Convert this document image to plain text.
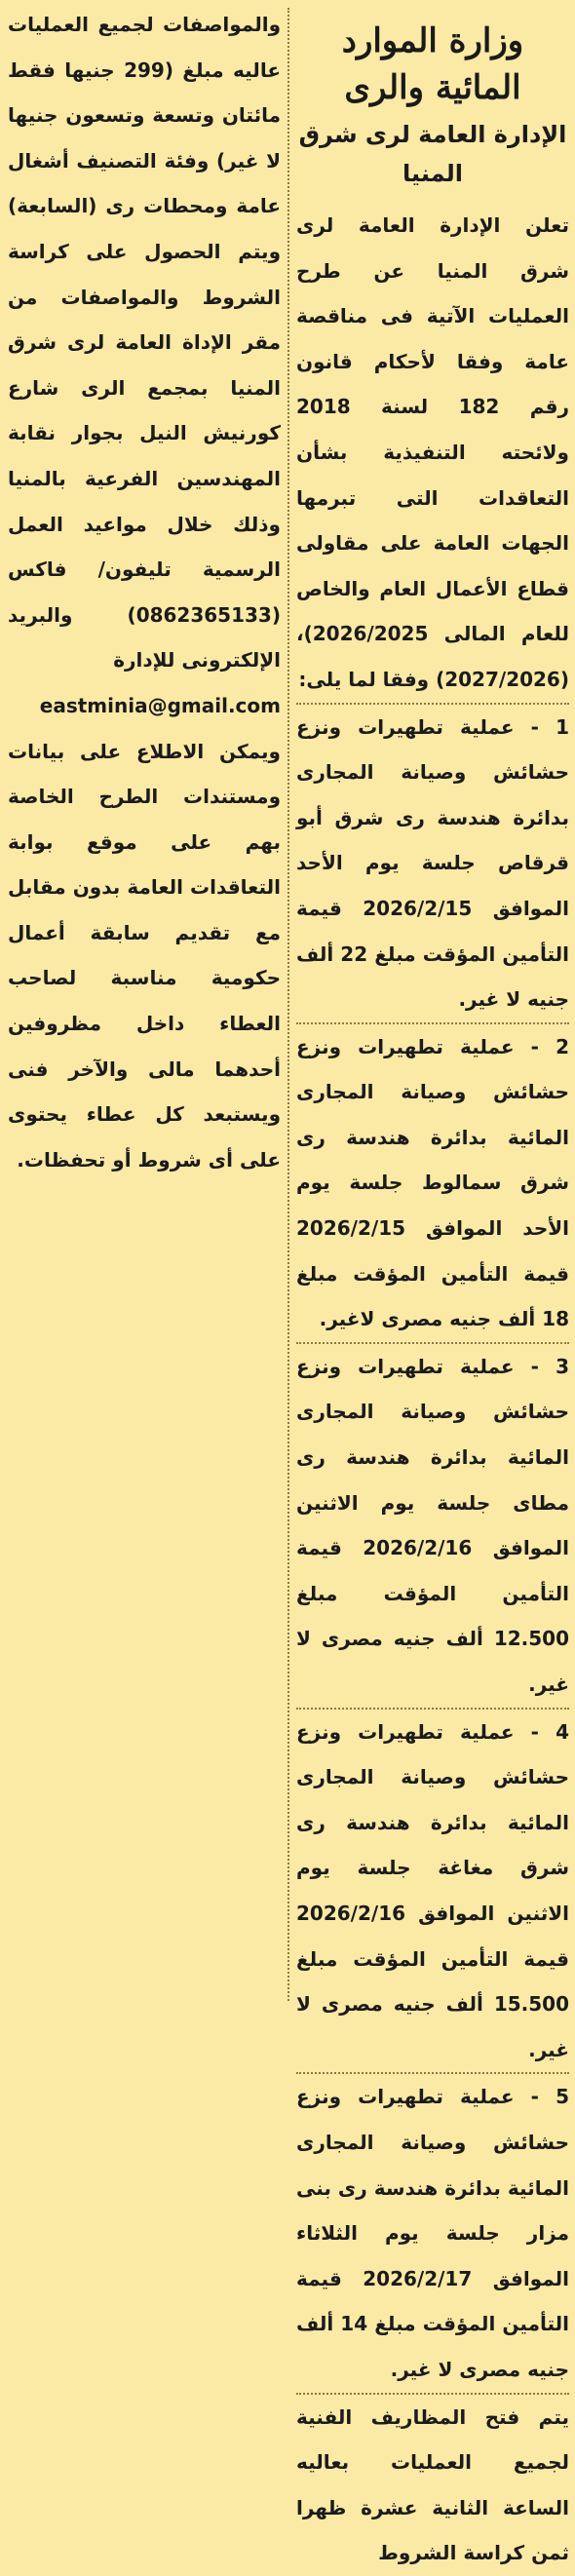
وزارة الموارد
المائية والرى
الإدارة العامة لرى شرق المنيا

تعلن الإدارة العامة لرى شرق المنيا عن طرح العمليات الآتية فى مناقصة عامة وفقا لأحكام قانون رقم 182 لسنة 2018 ولائحته التنفيذية بشأن التعاقدات التى تبرمها الجهات العامة على مقاولى قطاع الأعمال العام والخاص للعام المالى 2026/2025)، (2027/2026) وفقا لما يلى:

1 - عملية تطهيرات ونزع حشائش وصيانة المجارى بدائرة هندسة رى شرق أبو قرقاص جلسة يوم الأحد الموافق 2026/2/15 قيمة التأمين المؤقت مبلغ 22 ألف جنيه لا غير.

2 - عملية تطهيرات ونزع حشائش وصيانة المجارى المائية بدائرة هندسة رى شرق سمالوط جلسة يوم الأحد الموافق 2026/2/15 قيمة التأمين المؤقت مبلغ 18 ألف جنيه مصرى لاغير.

3 - عملية تطهيرات ونزع حشائش وصيانة المجارى المائية بدائرة هندسة رى مطاى جلسة يوم الاثنين الموافق 2026/2/16 قيمة التأمين المؤقت مبلغ 12.500 ألف جنيه مصرى لا غير.

4 - عملية تطهيرات ونزع حشائش وصيانة المجارى المائية بدائرة هندسة رى شرق مغاغة جلسة يوم الاثنين الموافق 2026/2/16 قيمة التأمين المؤقت مبلغ 15.500 ألف جنيه مصرى لا غير.

5 - عملية تطهيرات ونزع حشائش وصيانة المجارى المائية بدائرة هندسة رى بنى مزار جلسة يوم الثلاثاء الموافق 2026/2/17 قيمة التأمين المؤقت مبلغ 14 ألف جنيه مصرى لا غير.

يتم فتح المظاريف الفنية لجميع العمليات بعاليه الساعة الثانية عشرة ظهرا ثمن كراسة الشروط

والمواصفات لجميع العمليات عاليه مبلغ (299 جنيها فقط مائتان وتسعة وتسعون جنيها لا غير) وفئة التصنيف أشغال عامة ومحطات رى (السابعة) ويتم الحصول على كراسة الشروط والمواصفات من مقر الإداة العامة لرى شرق المنيا بمجمع الرى شارع كورنيش النيل بجوار نقابة المهندسين الفرعية بالمنيا وذلك خلال مواعيد العمل الرسمية تليفون/ فاكس (0862365133) والبريد الإلكترونى للإدارة

eastminia@gmail.com

ويمكن الاطلاع على بيانات ومستندات الطرح الخاصة بهم على موقع بوابة التعاقدات العامة بدون مقابل مع تقديم سابقة أعمال حكومية مناسبة لصاحب العطاء داخل مظروفين أحدهما مالى والآخر فنى ويستبعد كل عطاء يحتوى على أى شروط أو تحفظات.
